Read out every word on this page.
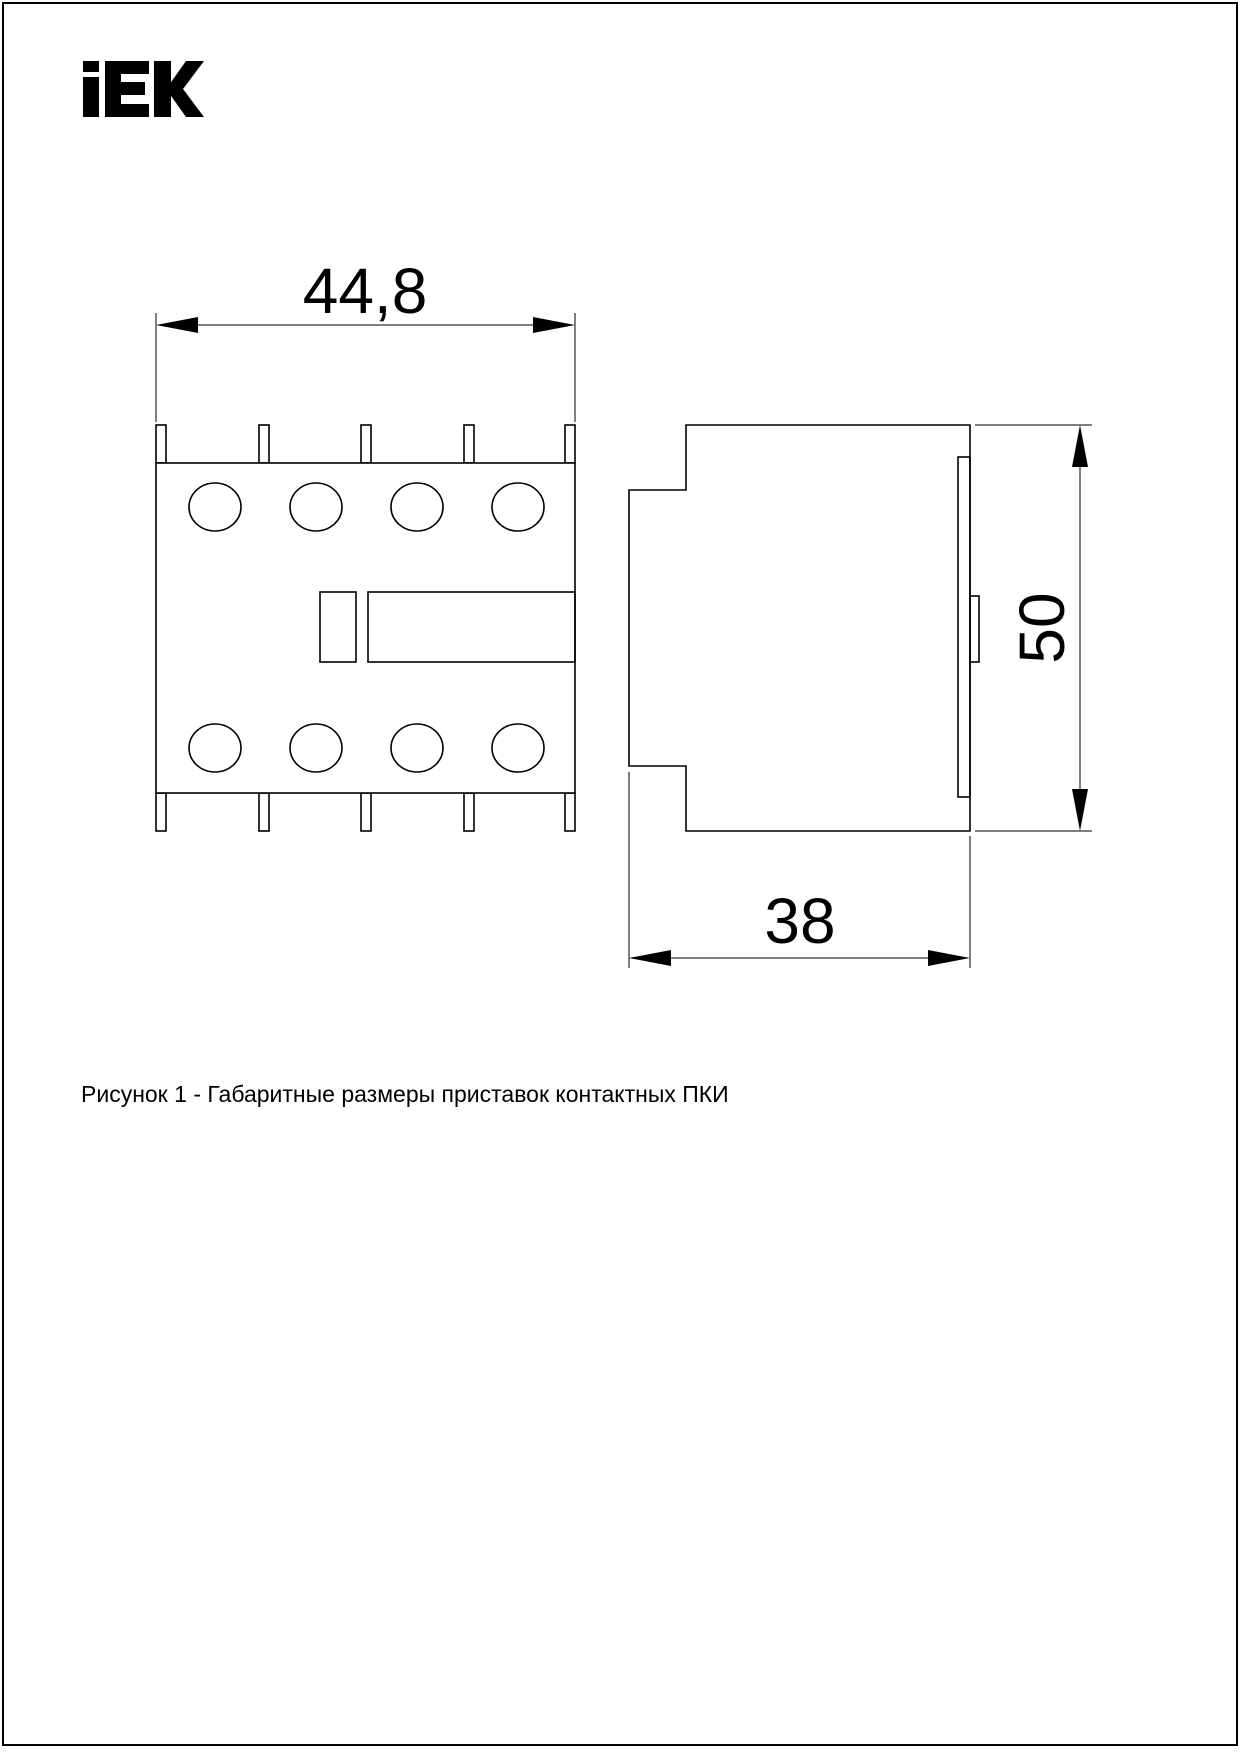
44,8
50
38
Рисунок 1 - Габаритные размеры приставок контактных ПКИ
